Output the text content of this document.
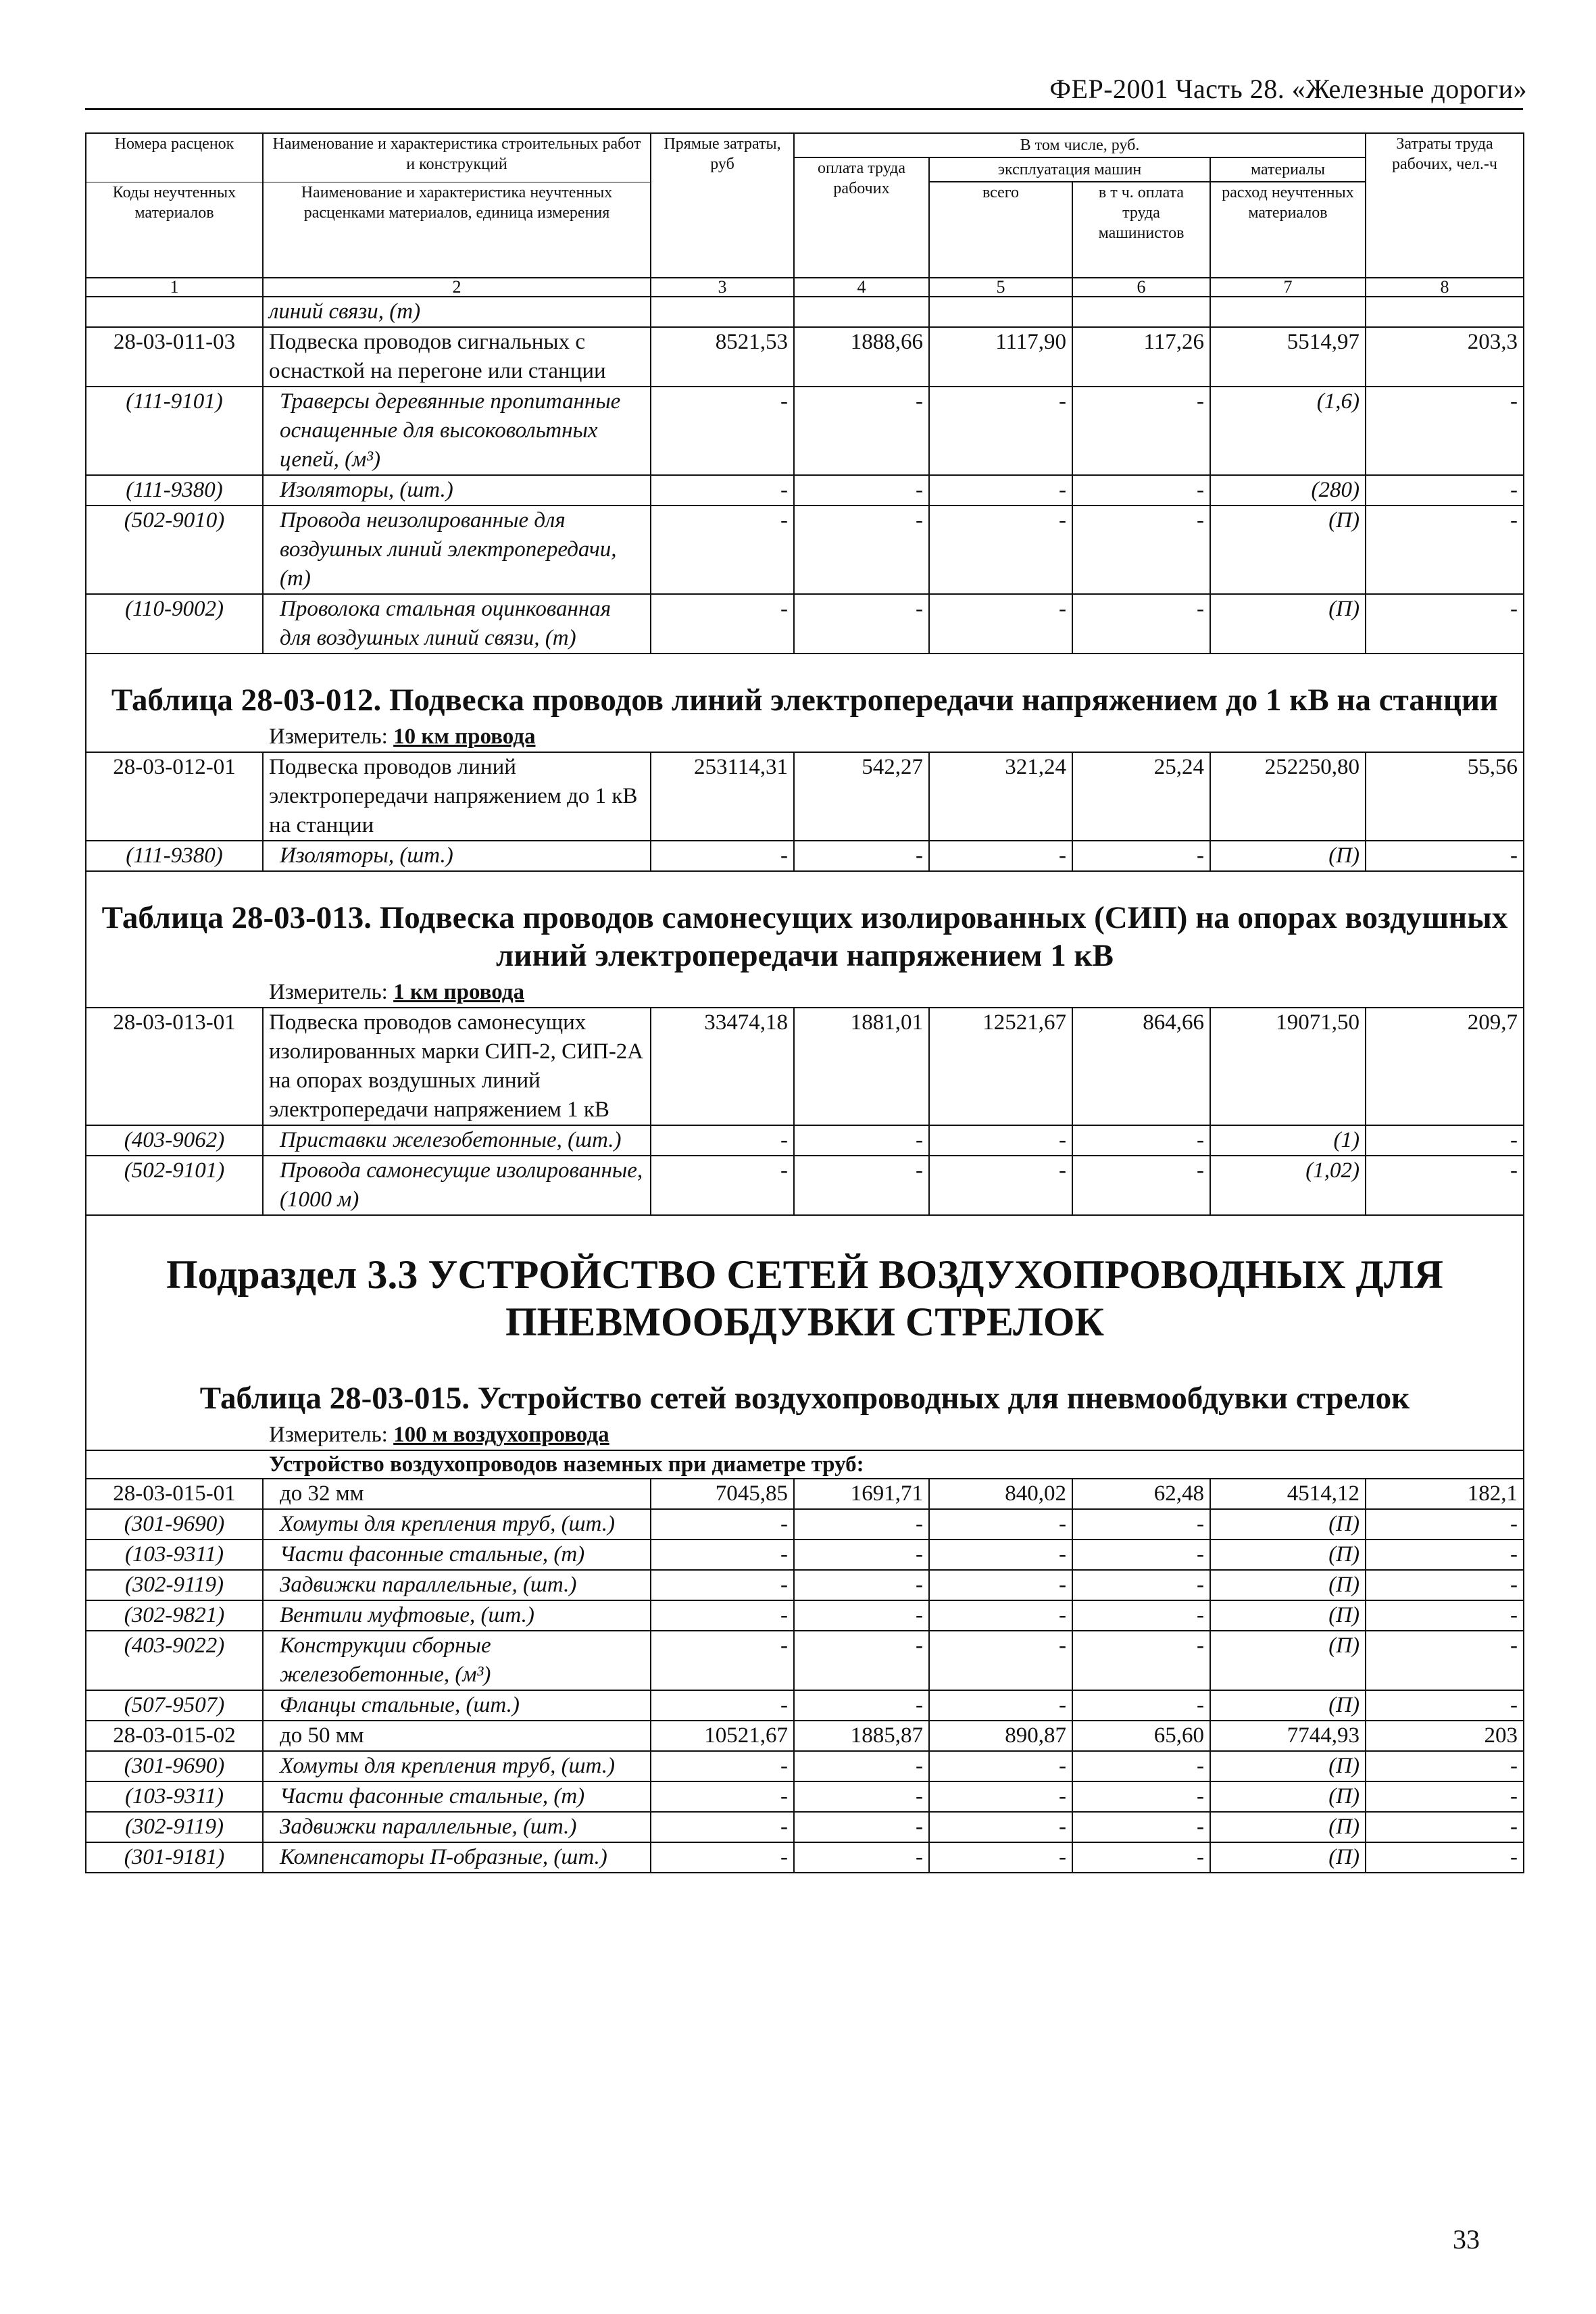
ФЕР-2001 Часть 28. «Железные дороги»
Номера расценок	Наименование и характеристика строительных работ и конструкций	Прямые затраты, руб	В том числе, руб.				Затраты труда рабочих, чел.-ч
			оплата труда рабочих	эксплуатация машин		материалы	
Коды неучтенных материалов	Наименование и характеристика неучтенных расценками материалов, единица измерения			всего	в т ч. оплата труда машинистов	расход неучтенных материалов	

1	2	3	4	5	6	7	8
	линий связи, (т)						
28-03-011-03	Подвеска проводов сигнальных с оснасткой на перегоне или станции	8521,53	1888,66	1117,90	117,26	5514,97	203,3
(111-9101)	Траверсы деревянные пропитанные оснащенные для высоковольтных цепей, (м³)	-	-	-	-	(1,6)	-
(111-9380)	Изоляторы, (шт.)	-	-	-	-	(280)	-
(502-9010)	Провода неизолированные для воздушных линий электропередачи, (т)	-	-	-	-	(П)	-
(110-9002)	Проволока стальная оцинкованная для воздушных линий связи, (т)	-	-	-	-	(П)	-

Таблица 28-03-012. Подвеска проводов линий электропередачи напряжением до 1 кВ на станции
Измеритель: 10 км провода							

28-03-012-01	Подвеска проводов линий электропередачи напряжением до 1 кВ на станции	253114,31	542,27	321,24	25,24	252250,80	55,56
(111-9380)	Изоляторы, (шт.)	-	-	-	-	(П)	-

Таблица 28-03-013. Подвеска проводов самонесущих изолированных (СИП) на опорах воздушных линий электропередачи напряжением 1 кВ
Измеритель: 1 км провода							

28-03-013-01	Подвеска проводов самонесущих изолированных марки СИП-2, СИП-2А на опорах воздушных линий электропередачи напряжением 1 кВ	33474,18	1881,01	12521,67	864,66	19071,50	209,7
(403-9062)	Приставки железобетонные, (шт.)	-	-	-	-	(1)	-
(502-9101)	Провода самонесущие изолированные, (1000 м)	-	-	-	-	(1,02)	-

Подраздел 3.3 УСТРОЙСТВО СЕТЕЙ ВОЗДУХОПРОВОДНЫХ ДЛЯ ПНЕВМООБДУВКИ СТРЕЛОК
Таблица 28-03-015. Устройство сетей воздухопроводных для пневмообдувки стрелок
Измеритель: 100 м воздухопровода							

Устройство воздухопроводов наземных при диаметре труб:							

28-03-015-01	до 32 мм	7045,85	1691,71	840,02	62,48	4514,12	182,1
(301-9690)	Хомуты для крепления труб, (шт.)	-	-	-	-	(П)	-
(103-9311)	Части фасонные стальные, (т)	-	-	-	-	(П)	-
(302-9119)	Задвижки параллельные, (шт.)	-	-	-	-	(П)	-
(302-9821)	Вентили муфтовые, (шт.)	-	-	-	-	(П)	-
(403-9022)	Конструкции сборные железобетонные, (м³)	-	-	-	-	(П)	-
(507-9507)	Фланцы стальные, (шт.)	-	-	-	-	(П)	-
28-03-015-02	до 50 мм	10521,67	1885,87	890,87	65,60	7744,93	203
(301-9690)	Хомуты для крепления труб, (шт.)	-	-	-	-	(П)	-
(103-9311)	Части фасонные стальные, (т)	-	-	-	-	(П)	-
(302-9119)	Задвижки параллельные, (шт.)	-	-	-	-	(П)	-
(301-9181)	Компенсаторы П-образные, (шт.)	-	-	-	-	(П)	-
33
